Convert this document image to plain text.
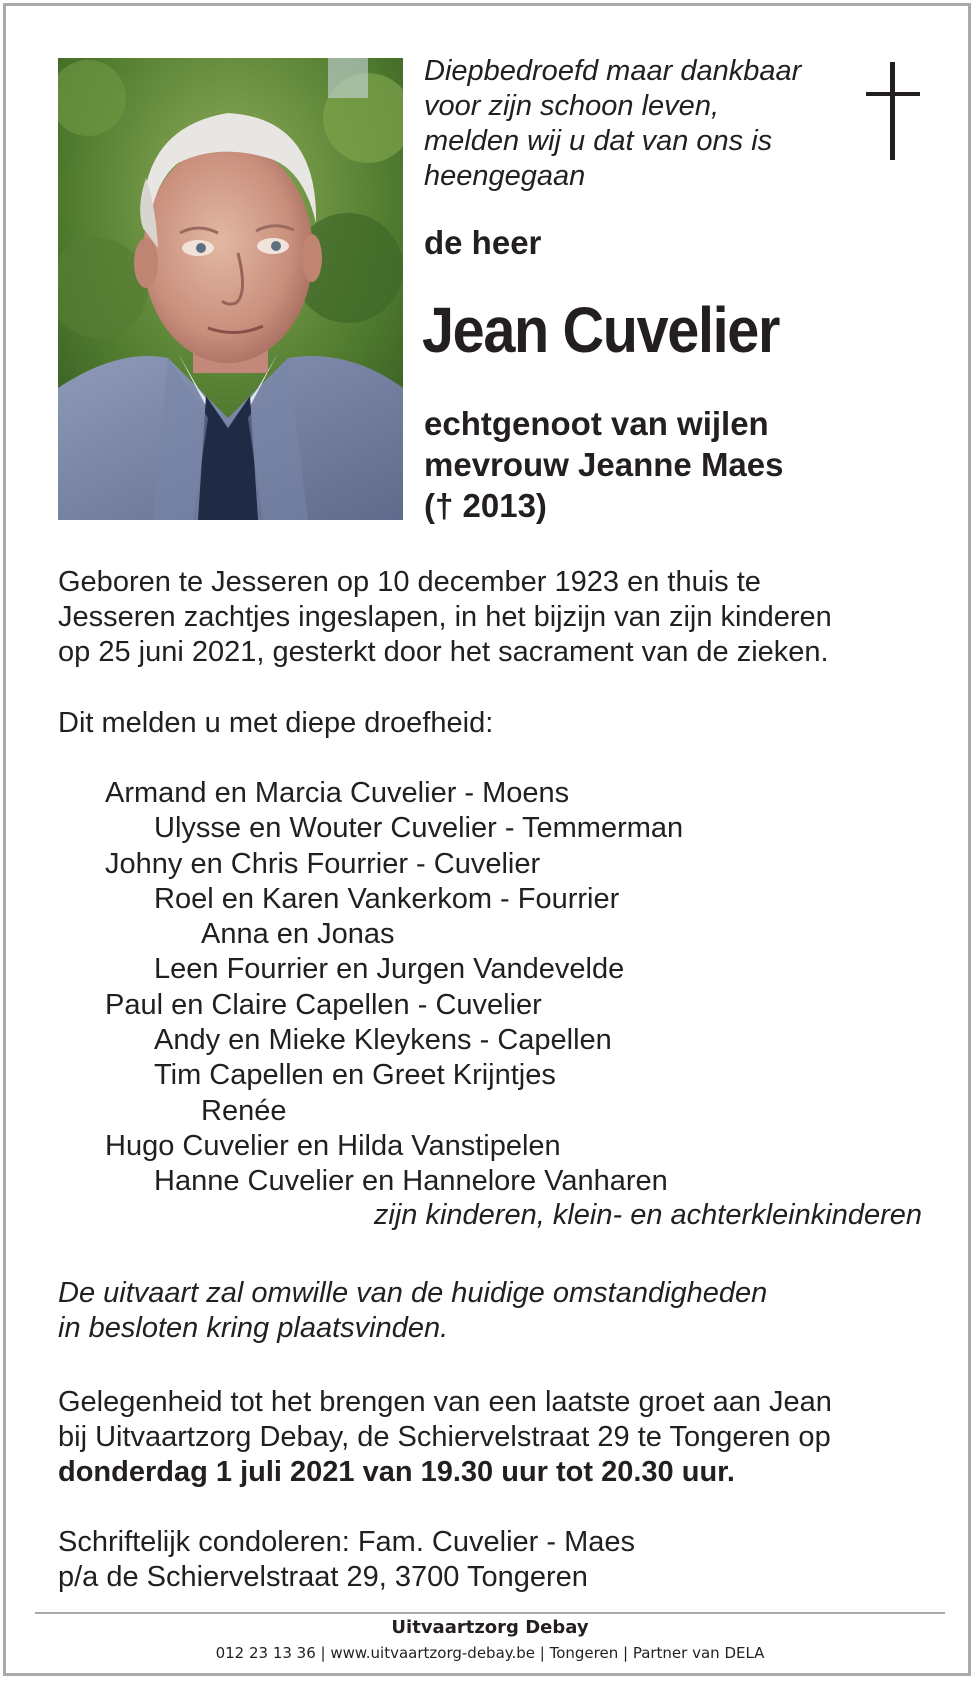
Diepbedroefd maar dankbaar
voor zijn schoon leven,
melden wij u dat van ons is
heengegaan
de heer
Jean Cuvelier
echtgenoot van wijlen
mevrouw Jeanne Maes
(† 2013)
Geboren te Jesseren op 10 december 1923 en thuis te
Jesseren zachtjes ingeslapen, in het bijzijn van zijn kinderen
op 25 juni 2021, gesterkt door het sacrament van de zieken.
Dit melden u met diepe droefheid:
Armand en Marcia Cuvelier - Moens
Ulysse en Wouter Cuvelier - Temmerman
Johny en Chris Fourrier - Cuvelier
Roel en Karen Vankerkom - Fourrier
Anna en Jonas
Leen Fourrier en Jurgen Vandevelde
Paul en Claire Capellen - Cuvelier
Andy en Mieke Kleykens - Capellen
Tim Capellen en Greet Krijntjes
Renée
Hugo Cuvelier en Hilda Vanstipelen
Hanne Cuvelier en Hannelore Vanharen
zijn kinderen, klein- en achterkleinkinderen
De uitvaart zal omwille van de huidige omstandigheden
in besloten kring plaatsvinden.
Gelegenheid tot het brengen van een laatste groet aan Jean
bij Uitvaartzorg Debay, de Schiervelstraat 29 te Tongeren op
donderdag 1 juli 2021 van 19.30 uur tot 20.30 uur.
Schriftelijk condoleren: Fam. Cuvelier - Maes
p/a de Schiervelstraat 29, 3700 Tongeren
Uitvaartzorg Debay
012 23 13 36 | www.uitvaartzorg-debay.be | Tongeren | Partner van DELA
